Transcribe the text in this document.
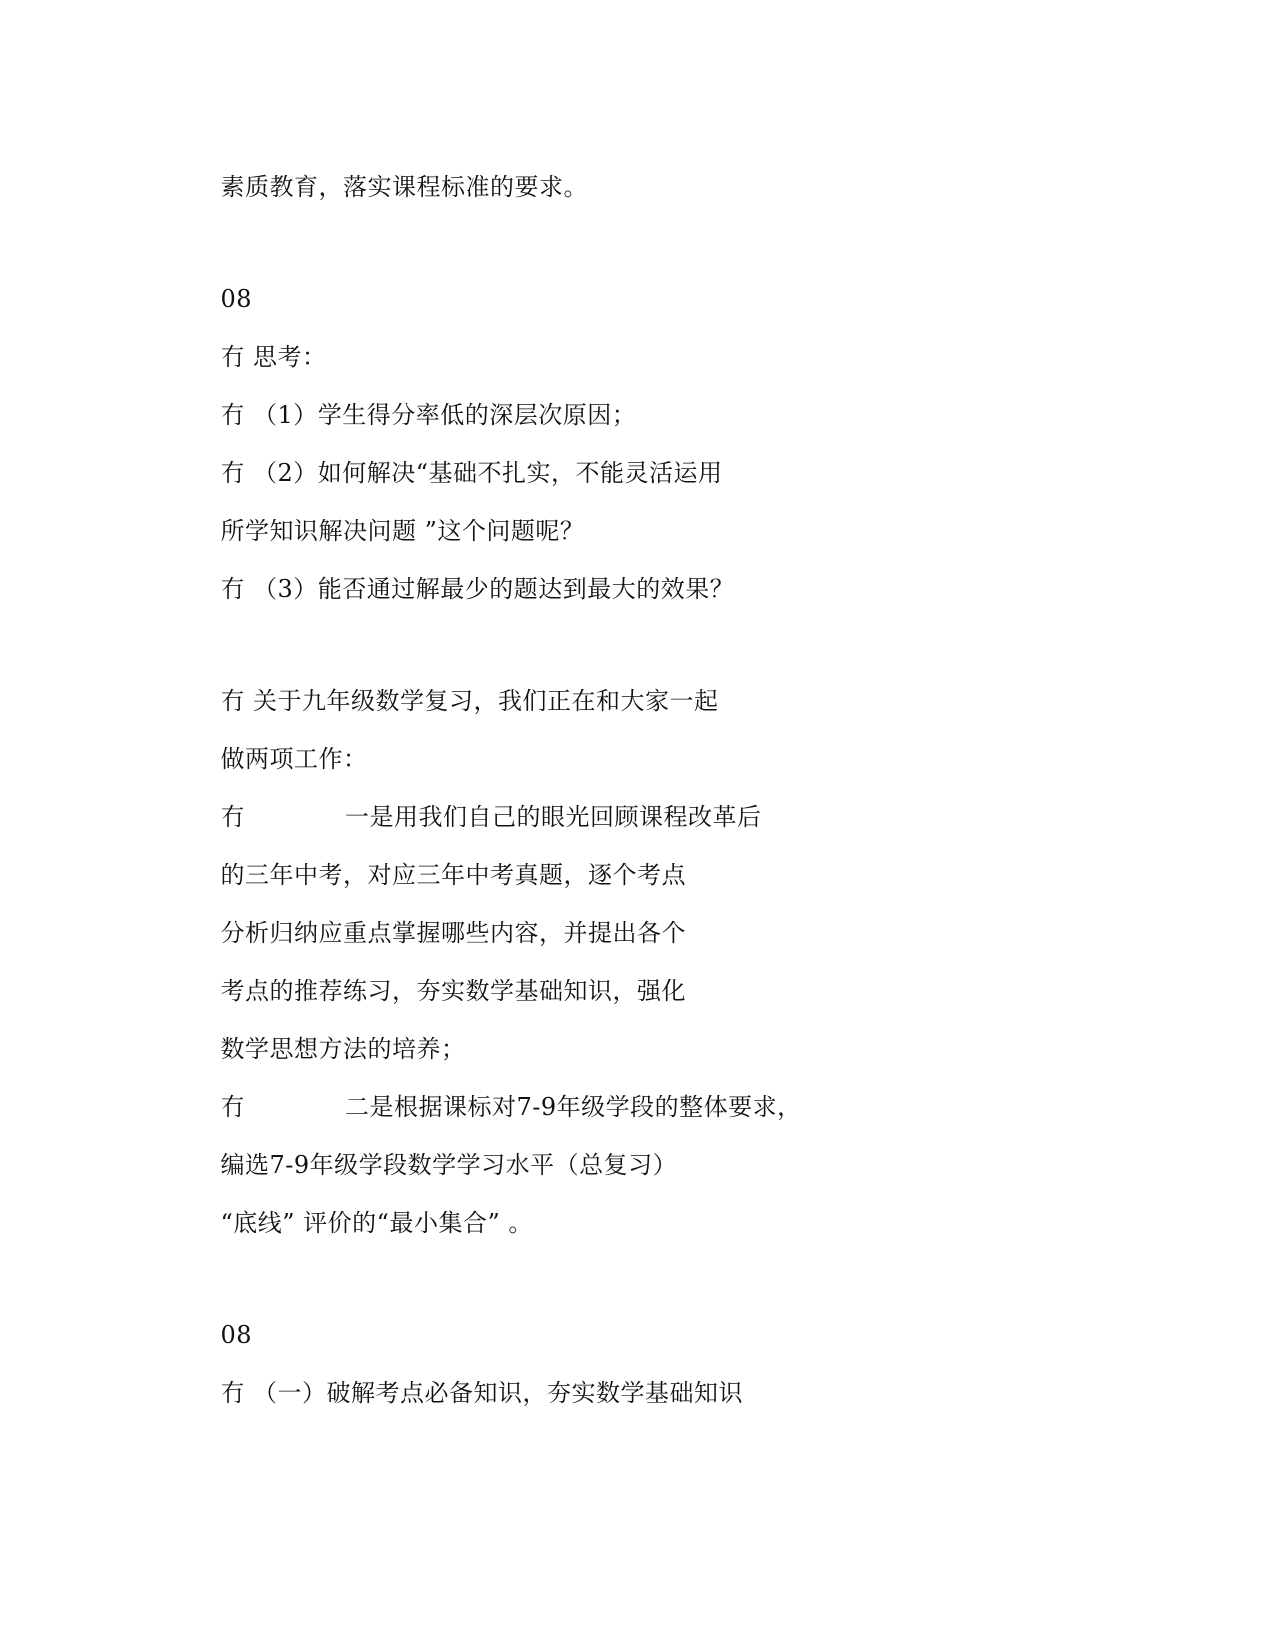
素质教育，落实课程标准的要求。

08

冇 思考：

冇 （1）学生得分率低的深层次原因；

冇 （2）如何解决“基础不扎实，不能灵活运用

所学知识解决问题 ”这个问题呢？

冇 （3）能否通过解最少的题达到最大的效果？

冇 关于九年级数学复习，我们正在和大家一起

做两项工作：

冇	一是用我们自己的眼光回顾课程改革后

的三年中考，对应三年中考真题，逐个考点

分析归纳应重点掌握哪些内容，并提出各个

考点的推荐练习，夯实数学基础知识，强化

数学思想方法的培养；

冇	二是根据课标对7-9年级学段的整体要求，

编选7-9年级学段数学学习水平（总复习）

“底线” 评价的“最小集合” 。

08

冇 （一）破解考点必备知识，夯实数学基础知识
